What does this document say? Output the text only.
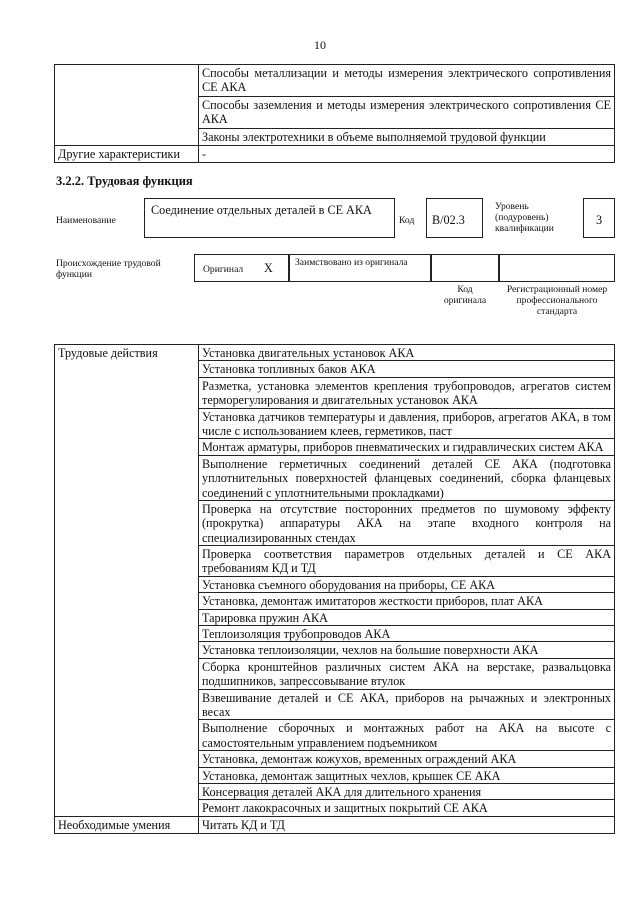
10
	Способы металлизации и методы измерения электрического сопротивления СЕ АКА
	Способы заземления и методы измерения электрического сопротивления СЕ АКА
	Законы электротехники в объеме выполняемой трудовой функции
Другие характеристики	-
3.2.2. Трудовая функция
Наименование
Соединение отдельных деталей в СЕ АКА
Код	B/02.3
Уровень (подуровень) квалификации
3
Происхождение трудовой функции	Оригинал X	Заимствовано из оригинала
Код оригинала
Регистрационный номер профессионального стандарта
Трудовые действия	Установка двигательных установок АКА
	Установка топливных баков АКА
	Разметка, установка элементов крепления трубопроводов, агрегатов систем терморегулирования и двигательных установок АКА
	Установка датчиков температуры и давления, приборов, агрегатов АКА, в том числе с использованием клеев, герметиков, паст
	Монтаж арматуры, приборов пневматических и гидравлических систем АКА
	Выполнение герметичных соединений деталей СЕ АКА (подготовка уплотнительных поверхностей фланцевых соединений, сборка фланцевых соединений с уплотнительными прокладками)
	Проверка на отсутствие посторонних предметов по шумовому эффекту (прокрутка) аппаратуры АКА на этапе входного контроля на специализированных стендах
	Проверка соответствия параметров отдельных деталей и СЕ АКА требованиям КД и ТД
	Установка съемного оборудования на приборы, СЕ АКА
	Установка, демонтаж имитаторов жесткости приборов, плат АКА
	Тарировка пружин АКА
	Теплоизоляция трубопроводов АКА
	Установка теплоизоляции, чехлов на большие поверхности АКА
	Сборка кронштейнов различных систем АКА на верстаке, развальцовка подшипников, запрессовывание втулок
	Взвешивание деталей и СЕ АКА, приборов на рычажных и электронных весах
	Выполнение сборочных и монтажных работ на АКА на высоте с самостоятельным управлением подъемником
	Установка, демонтаж кожухов, временных ограждений АКА
	Установка, демонтаж защитных чехлов, крышек СЕ АКА
	Консервация деталей АКА для длительного хранения
	Ремонт лакокрасочных и защитных покрытий СЕ АКА
Необходимые умения	Читать КД и ТД
